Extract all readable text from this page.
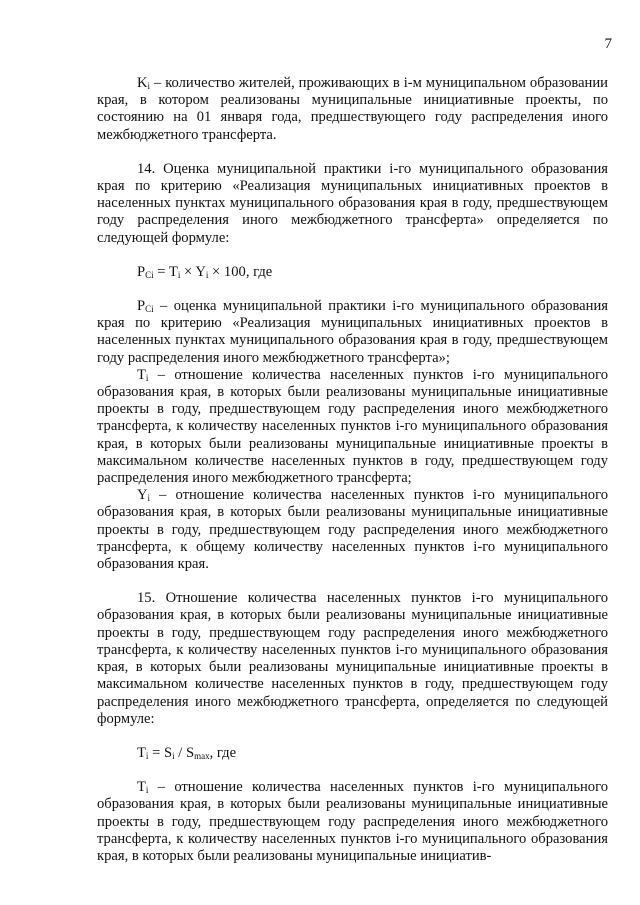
7

$K_i$ – количество жителей, проживающих в i-м муниципальном образовании края, в котором реализованы муниципальные инициативные проекты, по состоянию на 01 января года, предшествующего году распределения иного межбюджетного трансферта.

14. Оценка муниципальной практики i-го муниципального образования края по критерию «Реализация муниципальных инициативных проектов в населенных пунктах муниципального образования края в году, предшествующем году распределения иного межбюджетного трансферта» определяется по следующей формуле:

$P_{Ci} = T_i \times Y_i \times 100$, где

$P_{Ci}$ – оценка муниципальной практики i-го муниципального образования края по критерию «Реализация муниципальных инициативных проектов в населенных пунктах муниципального образования края в году, предшествующем году распределения иного межбюджетного трансферта»;

$T_i$ – отношение количества населенных пунктов i-го муниципального образования края, в которых были реализованы муниципальные инициативные проекты в году, предшествующем году распределения иного межбюджетного трансферта, к количеству населенных пунктов i-го муниципального образования края, в которых были реализованы муниципальные инициативные проекты в максимальном количестве населенных пунктов в году, предшествующем году распределения иного межбюджетного трансферта;

$Y_i$ – отношение количества населенных пунктов i-го муниципального образования края, в которых были реализованы муниципальные инициативные проекты в году, предшествующем году распределения иного межбюджетного трансферта, к общему количеству населенных пунктов i-го муниципального образования края.

15. Отношение количества населенных пунктов i-го муниципального образования края, в которых были реализованы муниципальные инициативные проекты в году, предшествующем году распределения иного межбюджетного трансферта, к количеству населенных пунктов i-го муниципального образования края, в которых были реализованы муниципальные инициативные проекты в максимальном количестве населенных пунктов в году, предшествующем году распределения иного межбюджетного трансферта, определяется по следующей формуле:

$T_i = S_i / S_{max}$, где

$T_i$ – отношение количества населенных пунктов i-го муниципального образования края, в которых были реализованы муниципальные инициативные проекты в году, предшествующем году распределения иного межбюджетного трансферта, к количеству населенных пунктов i-го муниципального образования края, в которых были реализованы муниципальные инициатив-
